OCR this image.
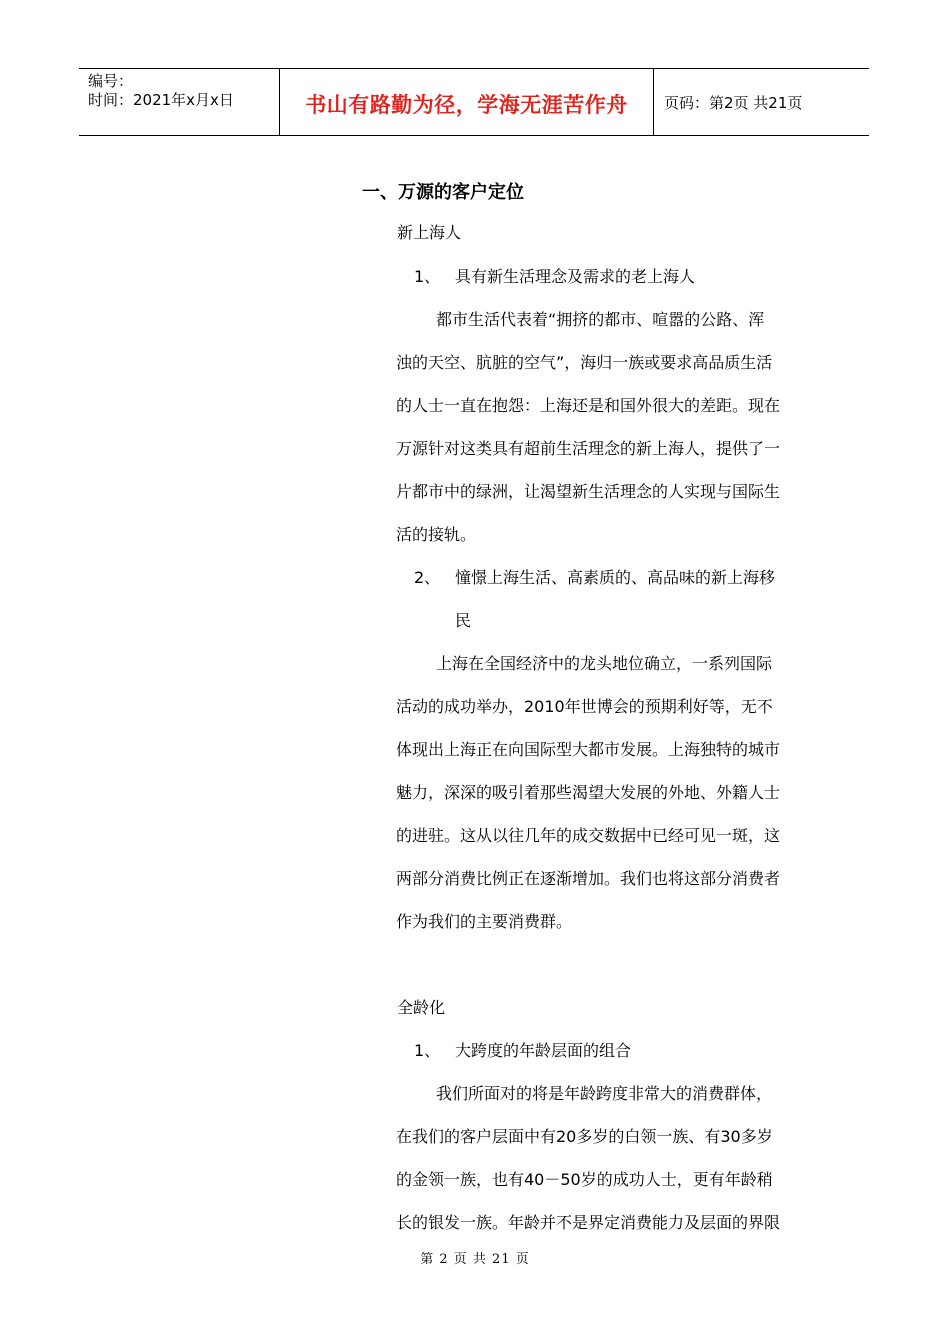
编号：
时间：2021年x月x日	书山有路勤为径，学海无涯苦作舟 页码：第2页 共21页
一、万源的客户定位
新上海人
1、 具有新生活理念及需求的老上海人
都市生活代表着“拥挤的都市、喧嚣的公路、浑
浊的天空、肮脏的空气”，海归一族或要求高品质生活
的人士一直在抱怨：上海还是和国外很大的差距。现在
万源针对这类具有超前生活理念的新上海人，提供了一
片都市中的绿洲，让渴望新生活理念的人实现与国际生
活的接轨。
2、 憧憬上海生活、高素质的、高品味的新上海移
民
上海在全国经济中的龙头地位确立，一系列国际
活动的成功举办，2010年世博会的预期利好等，无不
体现出上海正在向国际型大都市发展。上海独特的城市
魅力，深深的吸引着那些渴望大发展的外地、外籍人士
的进驻。这从以往几年的成交数据中已经可见一斑，这
两部分消费比例正在逐渐增加。我们也将这部分消费者
作为我们的主要消费群。
全龄化
1、 大跨度的年龄层面的组合
我们所面对的将是年龄跨度非常大的消费群体，
在我们的客户层面中有20多岁的白领一族、有30多岁
的金领一族，也有40－50岁的成功人士，更有年龄稍
长的银发一族。年龄并不是界定消费能力及层面的界限
第 2 页 共 21 页
